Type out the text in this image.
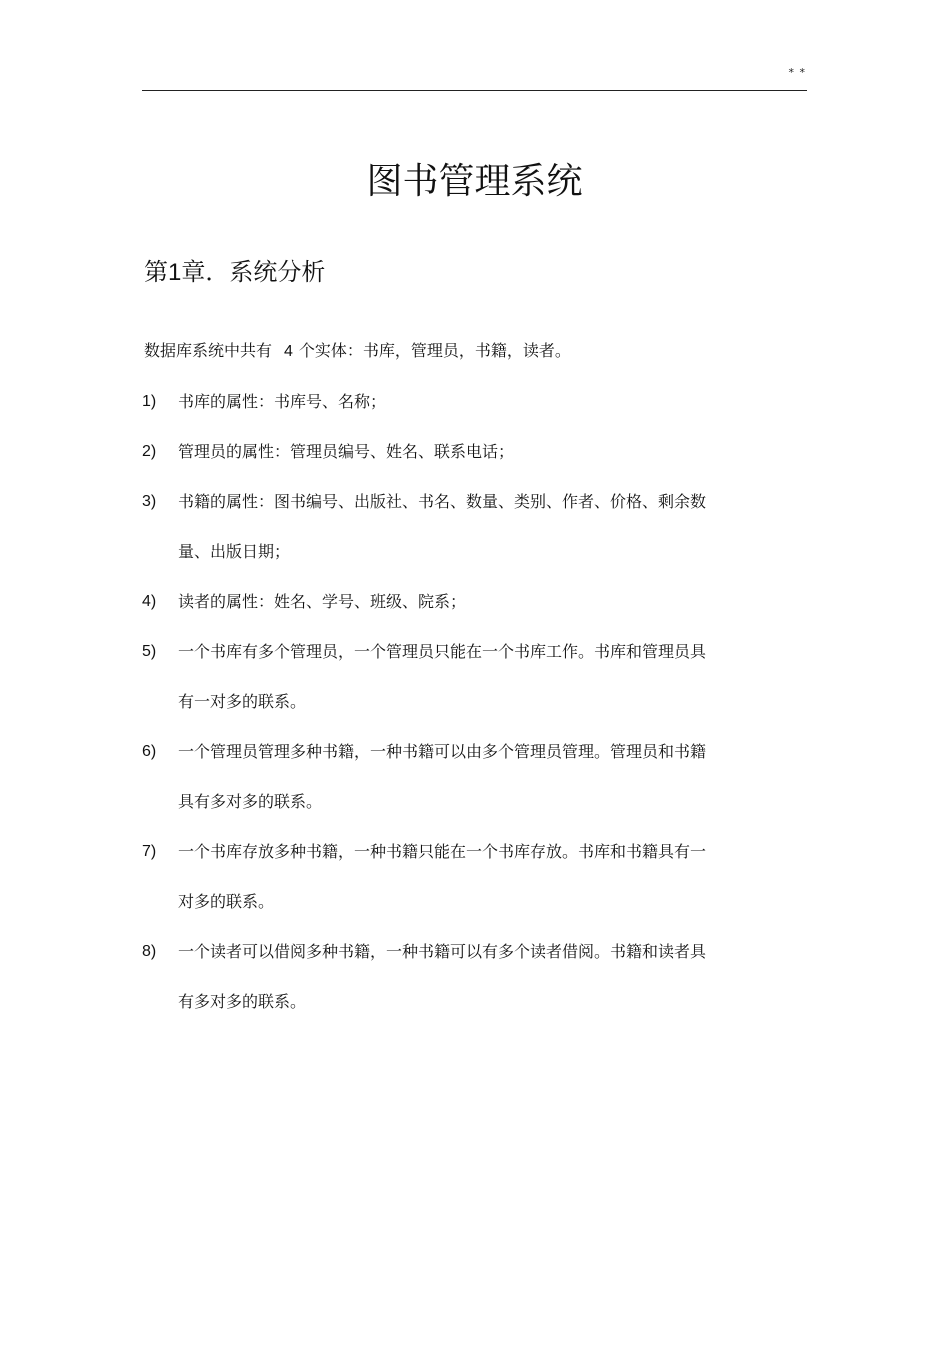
* *
图书管理系统
第1章．系统分析

数据库系统中共有 4 个实体：书库，管理员，书籍，读者。

1)	书库的属性：书库号、名称；
2)	管理员的属性：管理员编号、姓名、联系电话；
3)	书籍的属性：图书编号、出版社、书名、数量、类别、作者、价格、剩余数
量、出版日期；
4)	读者的属性：姓名、学号、班级、院系；
5)	一个书库有多个管理员，一个管理员只能在一个书库工作。书库和管理员具
有一对多的联系。
6)	一个管理员管理多种书籍，一种书籍可以由多个管理员管理。管理员和书籍
具有多对多的联系。
7)	一个书库存放多种书籍，一种书籍只能在一个书库存放。书库和书籍具有一
对多的联系。
8)	一个读者可以借阅多种书籍，一种书籍可以有多个读者借阅。书籍和读者具
有多对多的联系。
